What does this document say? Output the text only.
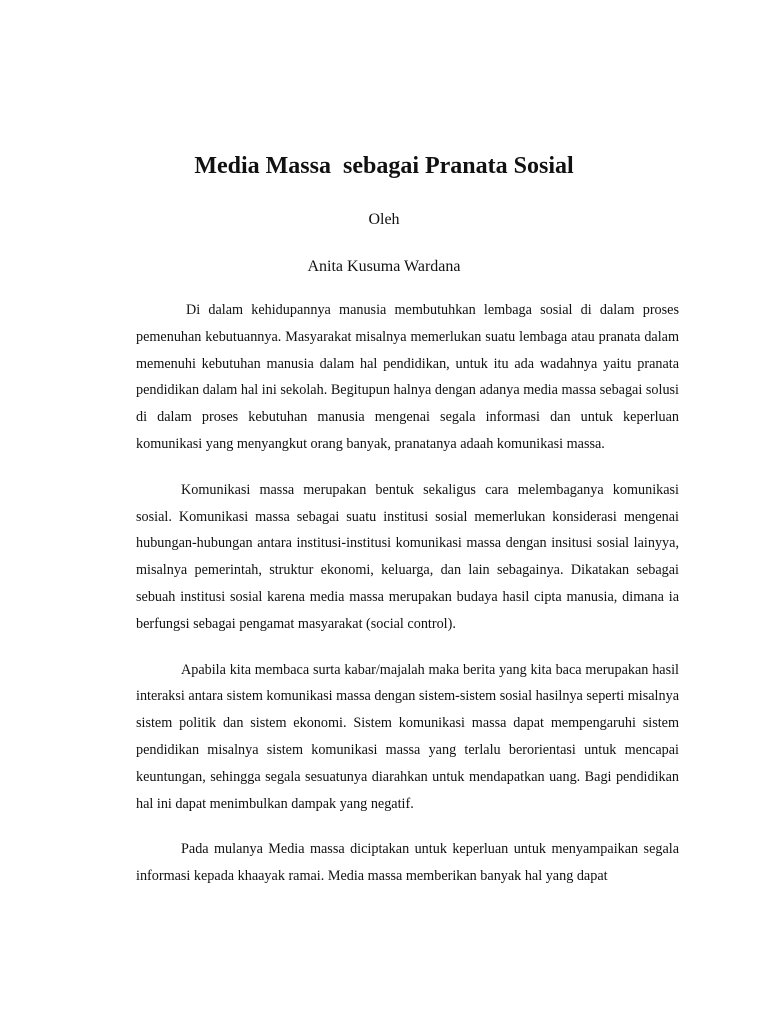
Media Massa  sebagai Pranata Sosial

Oleh

Anita Kusuma Wardana

Di dalam kehidupannya manusia membutuhkan lembaga sosial di dalam proses pemenuhan kebutuannya. Masyarakat misalnya memerlukan suatu lembaga atau pranata dalam memenuhi kebutuhan manusia dalam hal pendidikan, untuk itu ada wadahnya yaitu pranata pendidikan dalam hal ini sekolah. Begitupun halnya dengan adanya media massa sebagai solusi di dalam proses kebutuhan manusia mengenai segala informasi dan untuk keperluan komunikasi yang menyangkut orang banyak, pranatanya adaah komunikasi massa.

Komunikasi massa merupakan bentuk sekaligus cara melembaganya komunikasi sosial. Komunikasi massa sebagai suatu institusi sosial memerlukan konsiderasi mengenai hubungan-hubungan antara institusi-institusi komunikasi massa dengan insitusi sosial lainyya, misalnya pemerintah, struktur ekonomi, keluarga, dan lain sebagainya. Dikatakan sebagai sebuah institusi sosial karena media massa merupakan budaya hasil cipta manusia, dimana ia berfungsi sebagai pengamat masyarakat (social control).

Apabila kita membaca surta kabar/majalah maka berita yang kita baca merupakan hasil interaksi antara sistem komunikasi massa dengan sistem-sistem sosial hasilnya seperti misalnya sistem politik dan sistem ekonomi. Sistem komunikasi massa dapat mempengaruhi sistem pendidikan misalnya sistem komunikasi massa yang terlalu berorientasi untuk mencapai keuntungan, sehingga segala sesuatunya diarahkan untuk mendapatkan uang. Bagi pendidikan hal ini dapat menimbulkan dampak yang negatif.

Pada mulanya Media massa diciptakan untuk keperluan untuk menyampaikan segala informasi kepada khaayak ramai. Media massa memberikan banyak hal yang dapat
